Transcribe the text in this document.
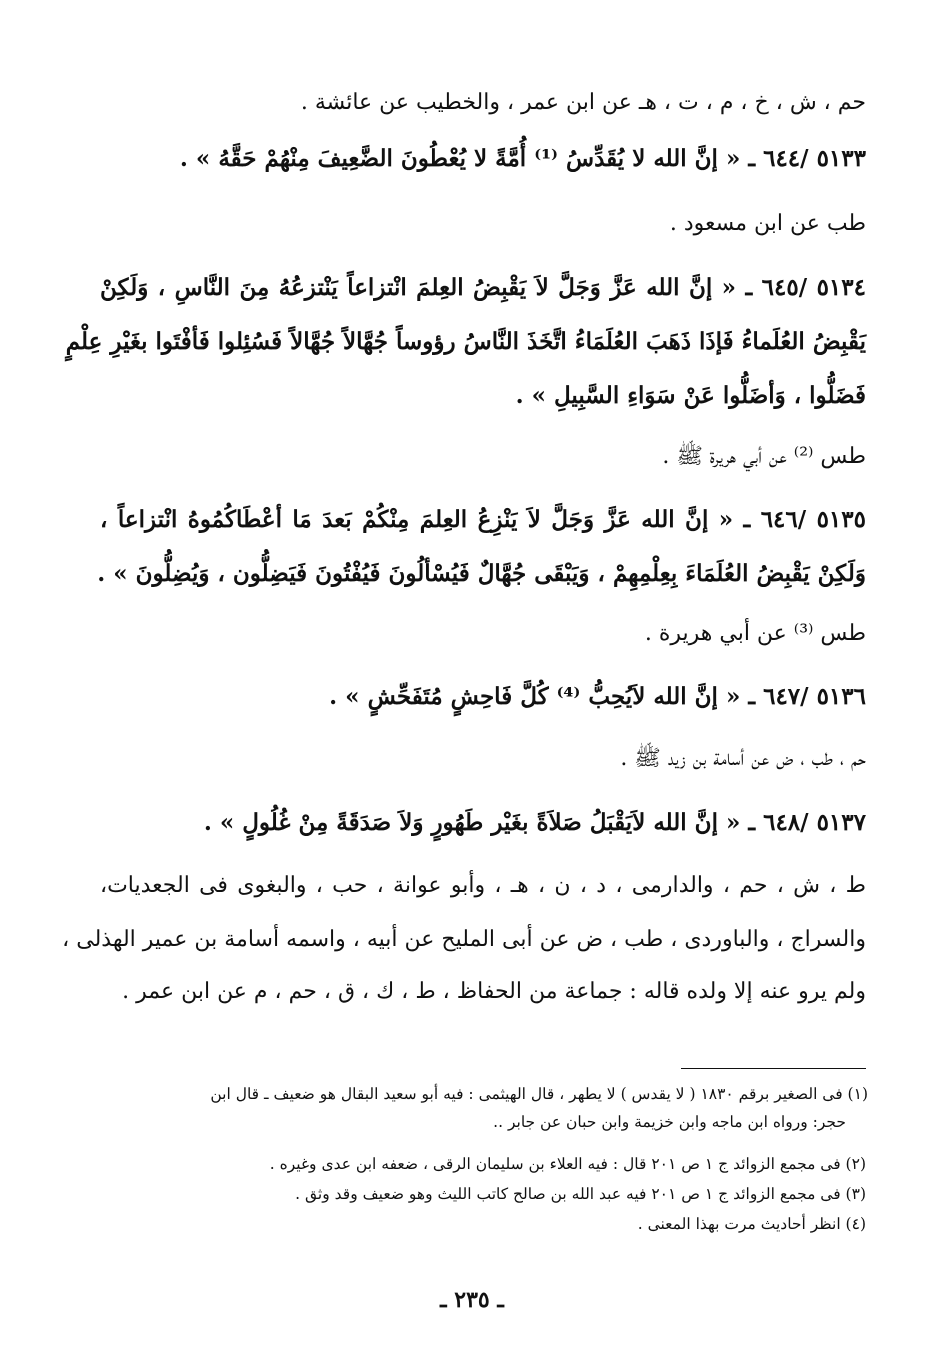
حم ، ش ، خ ، م ، ت ، هـ عن ابن عمر ، والخطيب عن عائشة .
٥١٣٣ /٦٤٤ ـ « إنَّ الله لا يُقَدِّسُ ⁽¹⁾ أُمَّةً لا يُعْطُونَ الضَّعِيفَ مِنْهُمْ حَقَّهُ » .
طب عن ابن مسعود .
٥١٣٤ /٦٤٥ ـ « إنَّ الله عَزَّ وَجَلَّ لاَ يَقْبِضُ العِلمَ انْتزاعاً يَنْتزعُهُ مِنَ النَّاسِ ، وَلَكِنْ
يَقْبِضُ العُلَماءُ فَإذَا ذَهَبَ العُلَمَاءُ اتَّخَذَ النَّاسُ رؤوساً جُهَّالاً جُهَّالاً فَسُئِلوا فَأفْتَوا بغَيْرِ عِلْمٍ
فَضَلُّوا ، وَأضَلُّوا عَنْ سَوَاءِ السَّبِيلِ » .
طس ⁽²⁾ عن أبي هريرة ﷺ .
٥١٣٥ /٦٤٦ ـ « إنَّ الله عَزَّ وَجَلَّ لاَ يَنْزِعُ العِلمَ مِنْكُمْ بَعدَ مَا أعْطَاكُمُوهُ انْتزاعاً ،
وَلَكِنْ يَقْبِضُ العُلَمَاءَ بِعِلْمِهِمْ ، وَيَبْقَى جُهَّالٌ فَيُسْألُونَ فَيُفْتُونَ فَيَضِلُّون ، وَيُضِلُّونَ » .
طس ⁽³⁾ عن أبي هريرة .
٥١٣٦ /٦٤٧ ـ « إنَّ الله لاَيُحِبُّ ⁽⁴⁾ كُلَّ فَاحِشٍ مُتَفَحِّشٍ » .
حم ، طب ، ض عن أسامة بن زيد ﷺ .
٥١٣٧ /٦٤٨ ـ « إنَّ الله لاَيَقْبَلُ صَلاَةً بغَيْر طَهُورٍ وَلاَ صَدَقَةً مِنْ غُلُولٍ » .
ط ، ش ، حم ، والدارمى ، د ، ن ، هـ ، وأبو عوانة ، حب ، والبغوى فى الجعديات،
والسراج ، والباوردى ، طب ، ض عن أبى المليح عن أبيه ، واسمه أسامة بن عمير الهذلى ،
ولم يرو عنه إلا ولده قاله : جماعة من الحفاظ ، ط ، ك ، ق ، حم ، م عن ابن عمر .
(١) فى الصغير برقم ١٨٣٠ ( لا يقدس ) لا يطهر ، قال الهيثمى : فيه أبو سعيد البقال هو ضعيف ـ قال ابن
حجر: ورواه ابن ماجه وابن خزيمة وابن حبان عن جابر ..
(٢) فى مجمع الزوائد ج ١ ص ٢٠١ قال : فيه العلاء بن سليمان الرقى ، ضعفه ابن عدى وغيره .
(٣) فى مجمع الزوائد ج ١ ص ٢٠١ فيه عبد الله بن صالح كاتب الليث وهو ضعيف وقد وثق .
(٤) انظر أحاديث مرت بهذا المعنى .
ـ ٢٣٥ ـ
